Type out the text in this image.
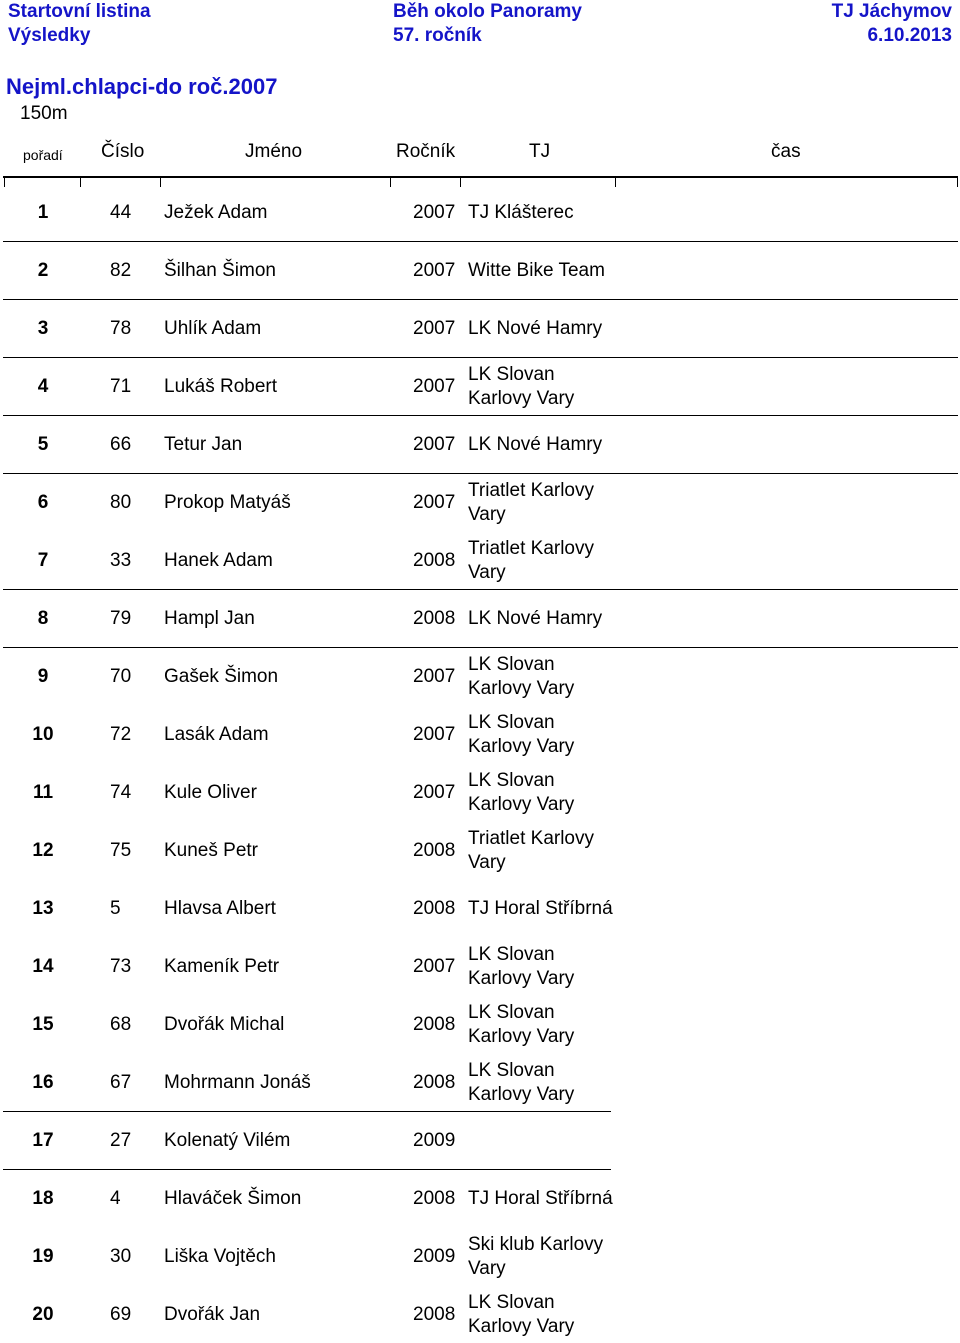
Startovní listina
Výsledky
Běh okolo Panoramy
57. ročník
TJ Jáchymov
6.10.2013
Nejml.chlapci-do roč.2007
150m
pořadí Číslo	Jméno	Ročník	TJ	čas
1	44 Ježek Adam	2007 TJ Klášterec
2	82 Šilhan Šimon	2007 Witte Bike Team
3	78 Uhlík Adam	2007 LK Nové Hamry
4	71 Lukáš Robert	2007
LK Slovan Karlovy Vary
5	66 Tetur Jan	2007 LK Nové Hamry
6	80 Prokop Matyáš	2007
Triatlet Karlovy Vary
7	33 Hanek Adam	2008
Triatlet Karlovy Vary
8	79 Hampl Jan	2008 LK Nové Hamry
9	70 Gašek Šimon	2007
LK Slovan Karlovy Vary
10	72 Lasák Adam	2007
LK Slovan Karlovy Vary
11	74 Kule Oliver	2007
LK Slovan Karlovy Vary
12	75 Kuneš Petr	2008
Triatlet Karlovy Vary
13	5 Hlavsa Albert	2008 TJ Horal Stříbrná
14	73 Kameník Petr	2007
LK Slovan Karlovy Vary
15	68 Dvořák Michal	2008
LK Slovan Karlovy Vary
16	67 Mohrmann Jonáš	2008
LK Slovan Karlovy Vary
17	27 Kolenatý Vilém	2009
18	4 Hlaváček Šimon	2008 TJ Horal Stříbrná
19	30 Liška Vojtěch	2009
Ski klub Karlovy Vary
20	69 Dvořák Jan	2008
LK Slovan Karlovy Vary
